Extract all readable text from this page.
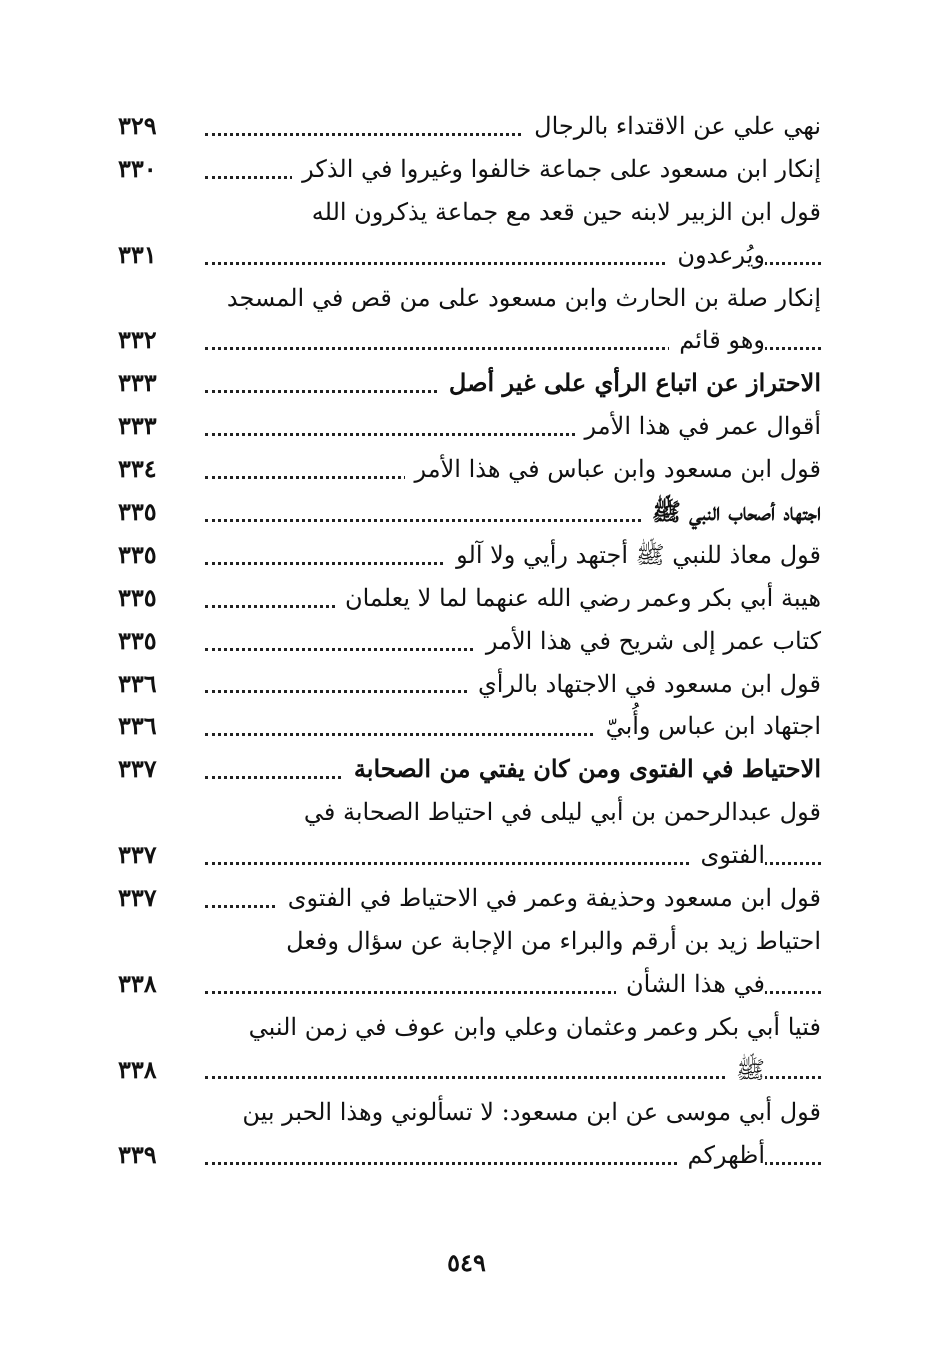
٣٢٩	نهي علي عن الاقتداء بالرجال
٣٣٠	إنكار ابن مسعود على جماعة خالفوا وغيروا في الذكر
قول ابن الزبير لابنه حين قعد مع جماعة يذكرون الله
٣٣١	ويُرعدون
إنكار صلة بن الحارث وابن مسعود على من قص في المسجد
٣٣٢	وهو قائم
٣٣٣	الاحتراز عن اتباع الرأي على غير أصل
٣٣٣	أقوال عمر في هذا الأمر
٣٣٤	قول ابن مسعود وابن عباس في هذا الأمر
٣٣٥	اجتهاد أصحاب النبي ﷺ
٣٣٥	قول معاذ للنبي ﷺ أجتهد رأيي ولا آلو
٣٣٥	هيبة أبي بكر وعمر رضي الله عنهما لما لا يعلمان
٣٣٥	كتاب عمر إلى شريح في هذا الأمر
٣٣٦	قول ابن مسعود في الاجتهاد بالرأي
٣٣٦	اجتهاد ابن عباس وأُبيّ
٣٣٧	الاحتياط في الفتوى ومن كان يفتي من الصحابة
قول عبدالرحمن بن أبي ليلى في احتياط الصحابة في
٣٣٧	الفتوى
٣٣٧	قول ابن مسعود وحذيفة وعمر في الاحتياط في الفتوى
احتياط زيد بن أرقم والبراء من الإجابة عن سؤال وفعل
٣٣٨	في هذا الشأن
فتيا أبي بكر وعمر وعثمان وعلي وابن عوف في زمن النبي
٣٣٨	ﷺ
قول أبي موسى عن ابن مسعود: لا تسألوني وهذا الحبر بين
٣٣٩	أظهركم
٥٤٩
